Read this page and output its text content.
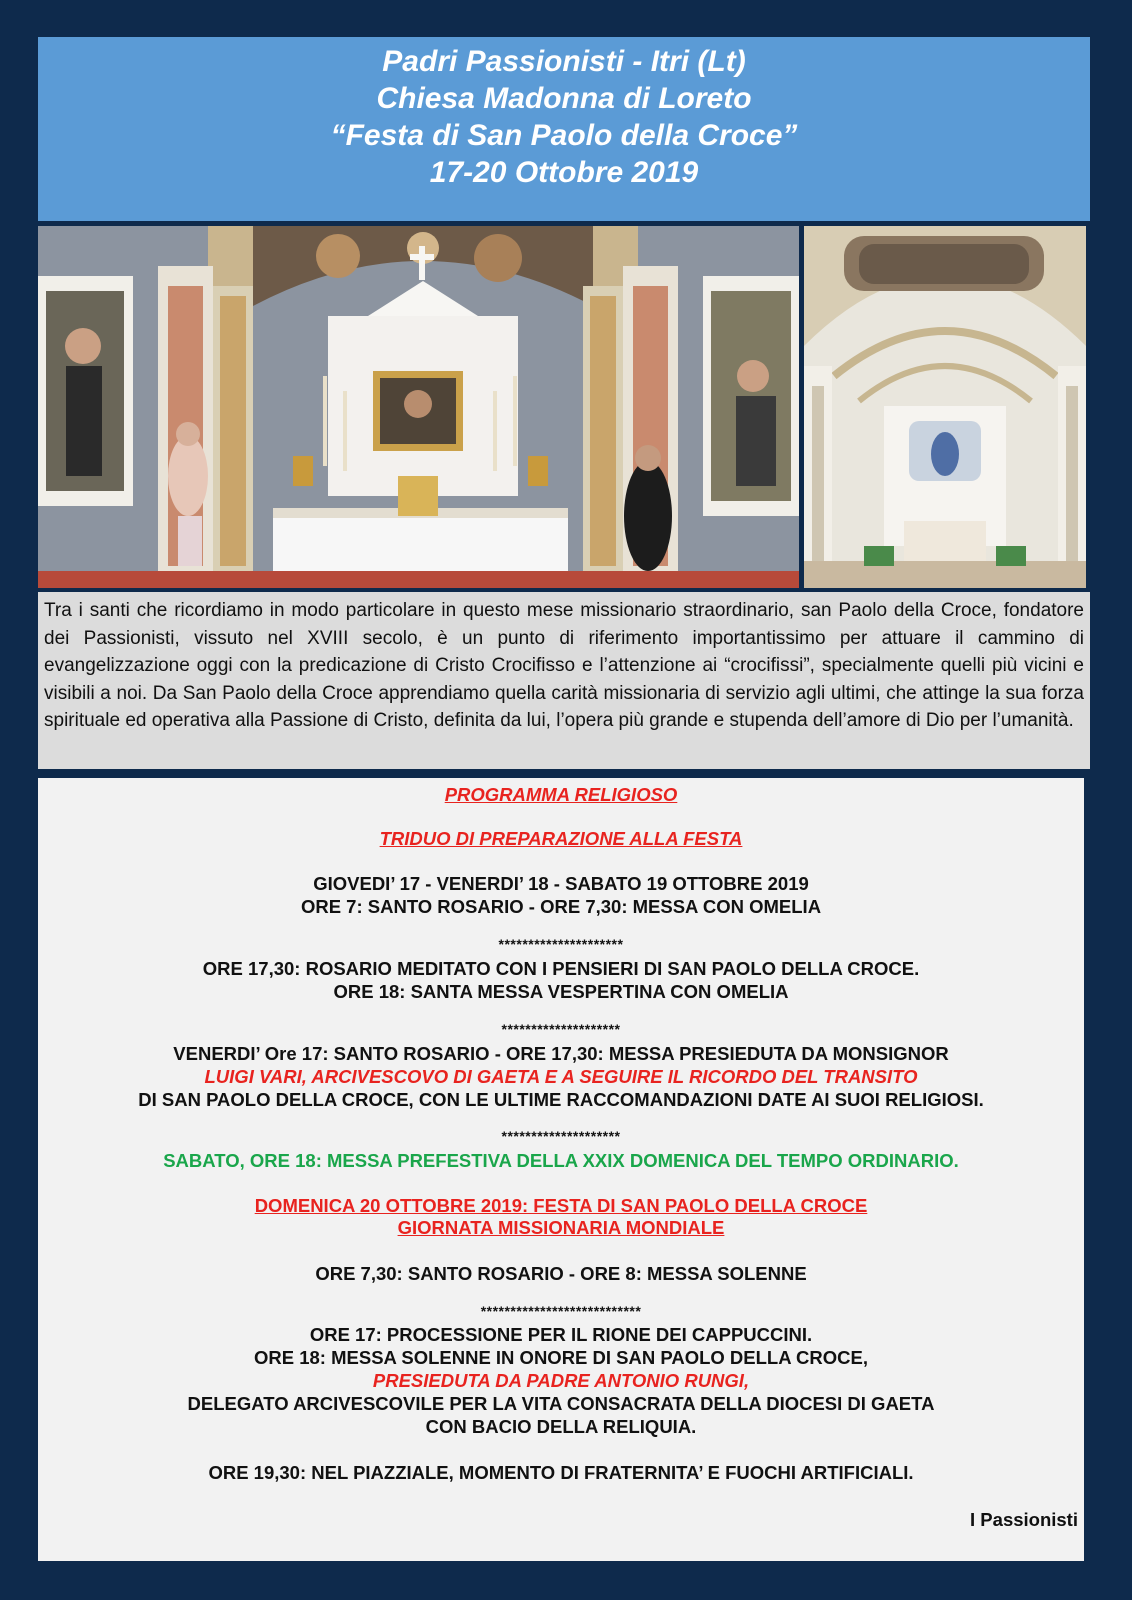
Padri Passionisti - Itri (Lt)
Chiesa Madonna di Loreto
“Festa di San Paolo della Croce”
17-20 Ottobre 2019
Tra i santi che ricordiamo in modo particolare in questo mese missionario straordinario, san Paolo della Croce, fondatore dei Passionisti, vissuto nel XVIII secolo, è un punto di riferimento importantissimo per attuare il cammino di evangelizzazione oggi con la predicazione di Cristo Crocifisso e l’attenzione ai “crocifissi”, specialmente quelli più vicini e visibili a noi. Da San Paolo della Croce apprendiamo quella carità missionaria di servizio agli ultimi, che attinge la sua forza spirituale ed operativa alla Passione di Cristo, definita da lui, l’opera più grande e stupenda dell’amore di Dio per l’umanità.
PROGRAMMA RELIGIOSO
TRIDUO DI PREPARAZIONE ALLA FESTA
GIOVEDI’ 17 - VENERDI’ 18 - SABATO 19 OTTOBRE 2019
ORE 7: SANTO ROSARIO - ORE 7,30: MESSA CON OMELIA
*********************
ORE 17,30: ROSARIO MEDITATO CON I PENSIERI DI SAN PAOLO DELLA CROCE.
ORE 18: SANTA MESSA VESPERTINA CON OMELIA
********************
VENERDI’ Ore 17: SANTO ROSARIO - ORE 17,30: MESSA PRESIEDUTA DA MONSIGNOR
LUIGI VARI, ARCIVESCOVO DI GAETA E A SEGUIRE IL RICORDO DEL TRANSITO
DI SAN PAOLO DELLA CROCE, CON LE ULTIME RACCOMANDAZIONI DATE AI SUOI RELIGIOSI.
********************
SABATO, ORE 18: MESSA PREFESTIVA DELLA XXIX DOMENICA DEL TEMPO ORDINARIO.
DOMENICA 20 OTTOBRE 2019: FESTA DI SAN PAOLO DELLA CROCE
GIORNATA MISSIONARIA MONDIALE
ORE 7,30: SANTO ROSARIO - ORE 8: MESSA SOLENNE
***************************
ORE 17: PROCESSIONE PER IL RIONE DEI CAPPUCCINI.
ORE 18: MESSA SOLENNE IN ONORE DI SAN PAOLO DELLA CROCE,
PRESIEDUTA DA PADRE ANTONIO RUNGI,
DELEGATO ARCIVESCOVILE PER LA VITA CONSACRATA DELLA DIOCESI DI GAETA
CON BACIO DELLA RELIQUIA.
ORE 19,30: NEL PIAZZIALE, MOMENTO DI FRATERNITA’ E FUOCHI ARTIFICIALI.
I Passionisti
